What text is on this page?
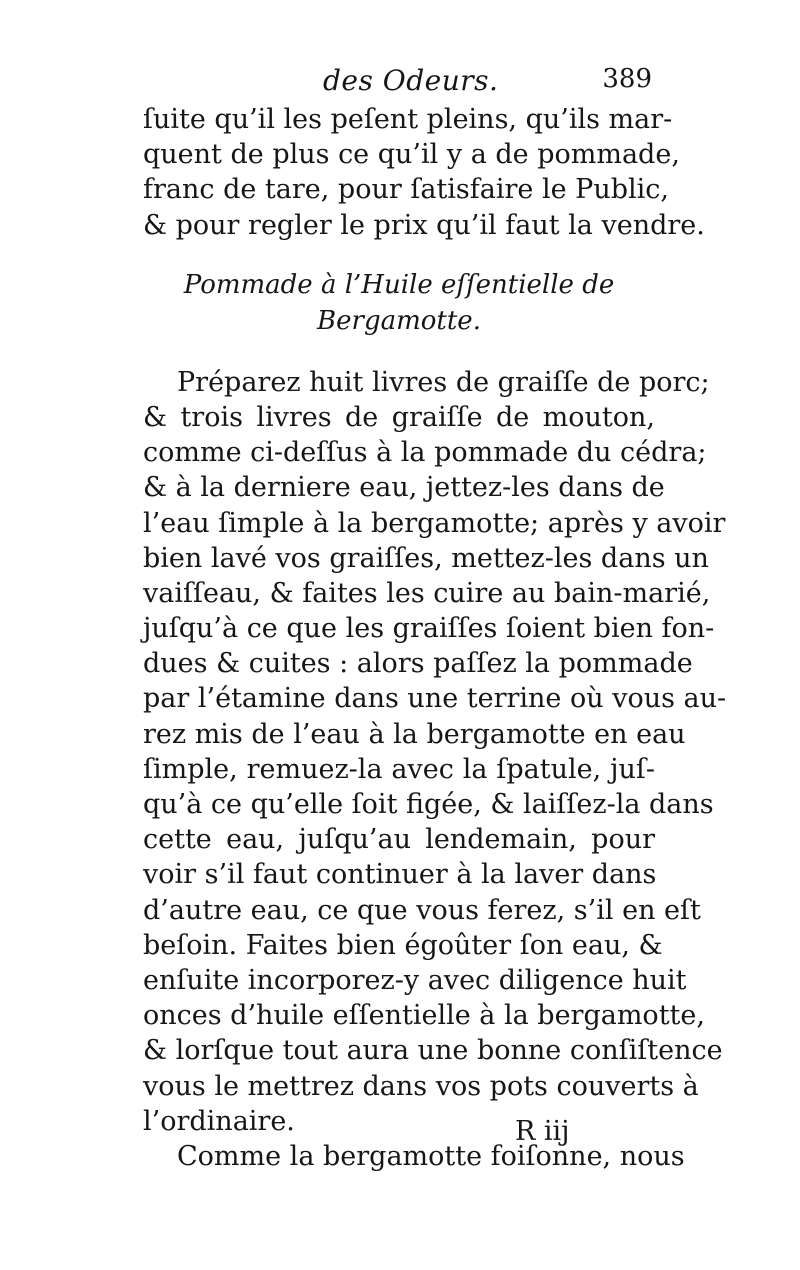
des Odeurs.	389
ſuite qu’il les peſent pleins, qu’ils mar-
quent de plus ce qu’il y a de pommade,
franc de tare, pour ſatisfaire le Public,
& pour regler le prix qu’il faut la vendre.
Pommade à l’Huile eſſentielle de
Bergamotte.
Préparez huit livres de graiſſe de porc;
& trois livres de graiſſe de mouton,
comme ci-deſſus à la pommade du cédra;
& à la derniere eau, jettez-les dans de
l’eau ſimple à la bergamotte; après y avoir
bien lavé vos graiſſes, mettez-les dans un
vaiſſeau, & faites les cuire au bain-marié,
juſqu’à ce que les graiſſes ſoient bien fon-
dues & cuites : alors paſſez la pommade
par l’étamine dans une terrine où vous au-
rez mis de l’eau à la bergamotte en eau
ſimple, remuez-la avec la ſpatule, juſ-
qu’à ce qu’elle ſoit figée, & laiſſez-la dans
cette eau, juſqu’au lendemain, pour
voir s’il faut continuer à la laver dans
d’autre eau, ce que vous ferez, s’il en eſt
beſoin. Faites bien égoûter ſon eau, &
enſuite incorporez-y avec diligence huit
onces d’huile eſſentielle à la bergamotte,
& lorſque tout aura une bonne conſiſtence
vous le mettrez dans vos pots couverts à
l’ordinaire.
Comme la bergamotte foiſonne, nous
R iij
